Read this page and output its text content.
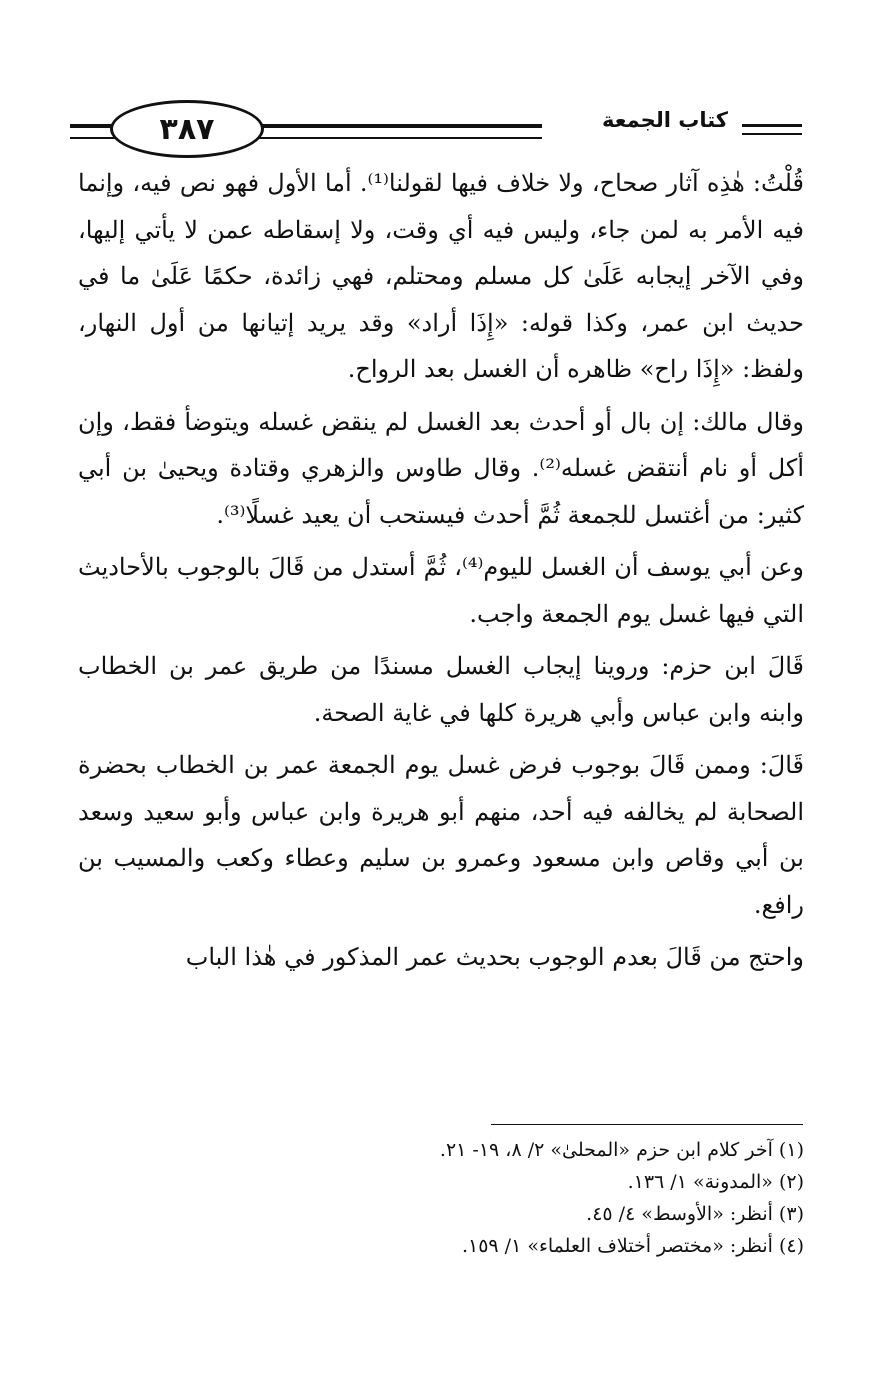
٣٨٧	كتاب الجمعة

قُلْتُ: هٰذِه آثار صحاح، ولا خلاف فيها لقولنا⁽¹⁾. أما الأول فهو نص فيه، وإنما فيه الأمر به لمن جاء، وليس فيه أي وقت، ولا إسقاطه عمن لا يأتي إليها، وفي الآخر إيجابه عَلَىٰ كل مسلم ومحتلم، فهي زائدة، حكمًا عَلَىٰ ما في حديث ابن عمر، وكذا قوله: «إِذَا أراد» وقد يريد إتيانها من أول النهار، ولفظ: «إِذَا راح» ظاهره أن الغسل بعد الرواح.

وقال مالك: إن بال أو أحدث بعد الغسل لم ينقض غسله ويتوضأ فقط، وإن أكل أو نام أنتقض غسله⁽²⁾. وقال طاوس والزهري وقتادة ويحيىٰ بن أبي كثير: من أغتسل للجمعة ثُمَّ أحدث فيستحب أن يعيد غسلًا⁽³⁾.

وعن أبي يوسف أن الغسل لليوم⁽⁴⁾، ثُمَّ أستدل من قَالَ بالوجوب بالأحاديث التي فيها غسل يوم الجمعة واجب.

قَالَ ابن حزم: وروينا إيجاب الغسل مسندًا من طريق عمر بن الخطاب وابنه وابن عباس وأبي هريرة كلها في غاية الصحة.

قَالَ: وممن قَالَ بوجوب فرض غسل يوم الجمعة عمر بن الخطاب بحضرة الصحابة لم يخالفه فيه أحد، منهم أبو هريرة وابن عباس وأبو سعيد وسعد بن أبي وقاص وابن مسعود وعمرو بن سليم وعطاء وكعب والمسيب بن رافع.

واحتج من قَالَ بعدم الوجوب بحديث عمر المذكور في هٰذا الباب

(١) آخر كلام ابن حزم «المحلىٰ» ٢/ ٨، ١٩- ٢١.
(٢) «المدونة» ١/ ١٣٦.
(٣) أنظر: «الأوسط» ٤/ ٤٥.
(٤) أنظر: «مختصر أختلاف العلماء» ١/ ١٥٩.
